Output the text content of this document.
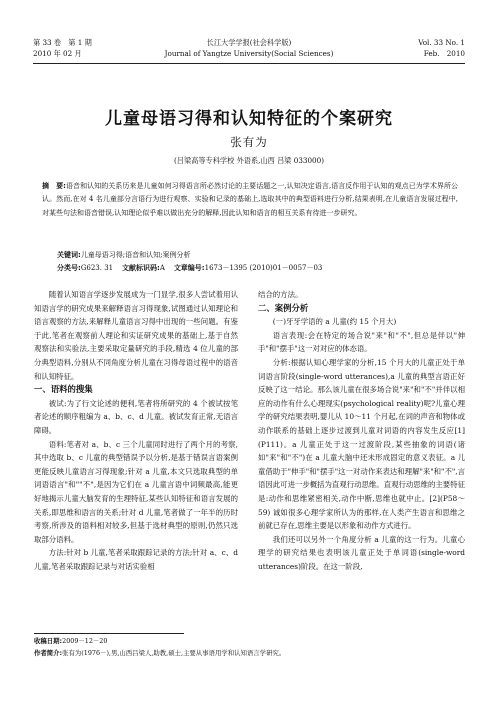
第 33 卷　第 1 期
2010 年 02 月
长江大学学报(社会科学版)
Journal of Yangtze University(Social Sciences)
Vol. 33 No. 1
Feb.　2010
儿童母语习得和认知特征的个案研究
张有为
(吕梁高等专科学校 外语系,山西 吕梁 033000)
摘　要:语音和认知的关系历来是儿童如何习得语言所必然讨论的主要话题之一,认知决定语言,语言反作用于认知的观点已为学术界所公认。然而,在对 4 名儿童部分言语行为进行观察、实验和记录的基础上,选取其中的典型语料进行分析,结果表明,在儿童语言发展过程中,对某些句法和语音错误,认知理论似乎难以做出充分的解释,因此认知和语言的相互关系有待进一步研究。
关键词:儿童母语习得;语音和认知;案例分析
分类号:G623. 31 文献标识码:A 文章编号:1673－1395 (2010)01－0057－03

随着认知语言学逐步发展成为一门显学,很多人尝试着用认知语言学的研究成果来解释语言习得现象,试图通过认知理论和语言观察的方法,来解释儿童语言习得中出现的一些问题。有鉴于此,笔者在观察前人理论和实证研究成果的基础上,基于自然观察法和实验法,主要采取定量研究的手段,精选 4 位儿童的部分典型语料,分别从不同角度分析儿童在习得母语过程中的语音和认知特征。

一、语料的搜集

被试:为了行文论述的便利,笔者将所研究的 4 个被试按笔者论述的顺序粗编为 a、b、c、d 儿童。被试发育正常,无语言障碍。

语料:笔者对 a、b、c 三个儿童同时进行了两个月的考察,其中选取 b、c 儿童的典型错误予以分析,是基于错误言语案例更能反映儿童语言习得现象;针对 a 儿童,本文只选取典型的单词语语言"和""不",是因为它们在 a 儿童言语中词频最高,能更好地揭示儿童大脑发育的生理特征,某些认知特征和语言发展的关系,即思维和语言的关系;针对 d 儿童,笔者做了一年半的历时考察,所涉及的语料相对较多,但基于选材典型的原则,仍然只选取部分语料。

方法:针对 b 儿童,笔者采取跟踪记录的方法;针对 a、c、d 儿童,笔者采取跟踪记录与对话实验相

结合的方法。

二、案例分析

(一)牙牙学语的 a 儿童(约 15 个月大)

语言表现:会在特定的场合说"来"和"不",但总是伴以"伸手"和"摆手"这一对对应的体态语。

分析:根据认知心理学家的分析,15 个月大的儿童正处于单词语言阶段(single-word utterances),a 儿童的典型言语正好反映了这一结论。那么该儿童在很多场合说"来"和"不"并伴以相应的动作有什么心理现实(psychological reality)呢?儿童心理学的研究结果表明,婴儿从 10～11 个月起,在词的声音和物体或动作联系的基础上逐步过渡到儿童对词语的内容发生反应[1](P111)。a 儿童正处于这一过渡阶段,某些抽象的词语(诸如"来"和"不")在 a 儿童大脑中还未形成固定的意义表征。a 儿童借助于"伸手"和"摆手"这一对动作来表达和理解"来"和"不",言语因此可进一步概括为直观行动思维。直观行动思维的主要特征是:动作和思维紧密相关,动作中断,思维也就中止。[2](P58～59) 诚如很多心理学家所认为的那样,在人类产生语言和思维之前就已存在,思维主要是以形象和动作方式进行。

我们还可以另外一个角度分析 a 儿童的这一行为。儿童心理学的研究结果也表明该儿童正处于单词语(single-word utterances)阶段。在这一阶段,

收稿日期:2009－12－20
作者简介:张有为(1976－),男,山西吕梁人,助教,硕士,主要从事语用学和认知语言学研究。
